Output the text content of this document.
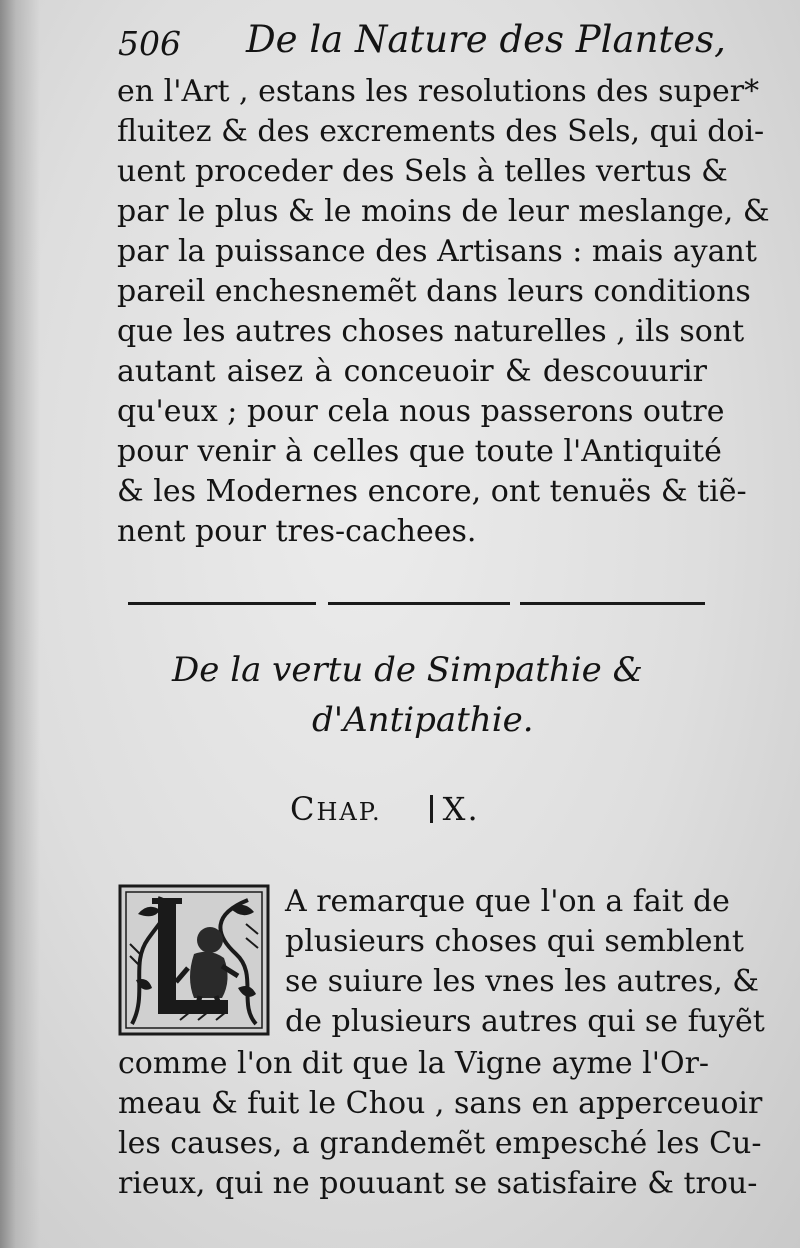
506 De la Nature des Plantes,
en l'Art , estans les resolutions des super*
fluitez & des excrements des Sels, qui doi-
uent proceder des Sels à telles vertus &
par le plus & le moins de leur meslange, &
par la puissance des Artisans : mais ayant
pareil enchesnemẽt dans leurs conditions
que les autres choses naturelles , ils sont
autant aisez à conceuoir & descouurir
qu'eux ; pour cela nous passerons outre
pour venir à celles que toute l'Antiquité
& les Modernes encore, ont tenuës & tiẽ-
nent pour tres-cachees.
De la vertu de Simpathie &
d'Antipathie.
CHAP. X.
A remarque que l'on a fait de
plusieurs choses qui semblent
se suiure les vnes les autres, &
de plusieurs autres qui se fuyẽt
comme l'on dit que la Vigne ayme l'Or-
meau & fuit le Chou , sans en apperceuoir
les causes, a grandemẽt empesché les Cu-
rieux, qui ne pouuant se satisfaire & trou-
